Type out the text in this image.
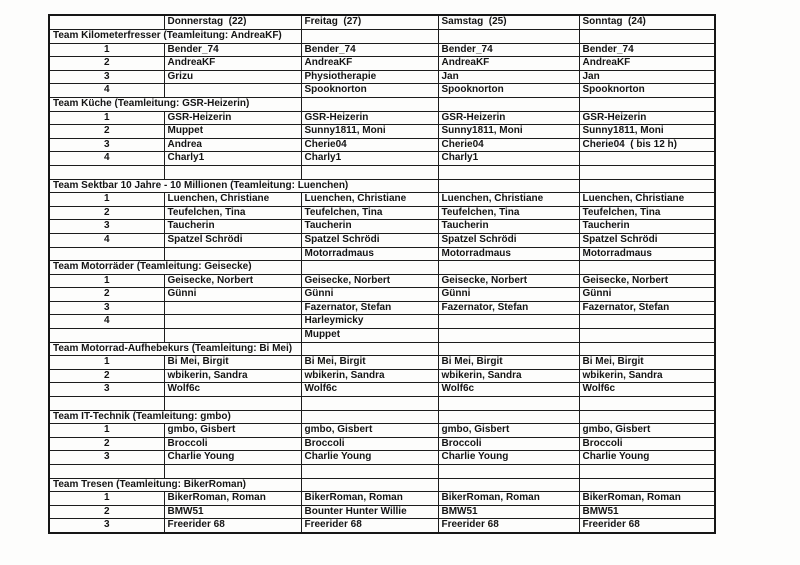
	Donnerstag  (22)	Freitag  (27)	Samstag  (25)	Sonntag  (24)
Team Kilometerfresser (Teamleitung: AndreaKF)				
1	Bender_74	Bender_74	Bender_74	Bender_74
2	AndreaKF	AndreaKF	AndreaKF	AndreaKF
3	Grizu	Physiotherapie	Jan	Jan
4		Spooknorton	Spooknorton	Spooknorton
Team Küche (Teamleitung: GSR-Heizerin)				
1	GSR-Heizerin	GSR-Heizerin	GSR-Heizerin	GSR-Heizerin
2	Muppet	Sunny1811, Moni	Sunny1811, Moni	Sunny1811, Moni
3	Andrea	Cherie04	Cherie04	Cherie04  ( bis 12 h)
4	Charly1	Charly1	Charly1	

Team Sektbar 10 Jahre - 10 Millionen (Teamleitung: Luenchen)				
1	Luenchen, Christiane	Luenchen, Christiane	Luenchen, Christiane	Luenchen, Christiane
2	Teufelchen, Tina	Teufelchen, Tina	Teufelchen, Tina	Teufelchen, Tina
3	Taucherin	Taucherin	Taucherin	Taucherin
4	Spatzel Schrödi	Spatzel Schrödi	Spatzel Schrödi	Spatzel Schrödi
		Motorradmaus	Motorradmaus	Motorradmaus
Team Motorräder (Teamleitung: Geisecke)				
1	Geisecke, Norbert	Geisecke, Norbert	Geisecke, Norbert	Geisecke, Norbert
2	Günni	Günni	Günni	Günni
3		Fazernator, Stefan	Fazernator, Stefan	Fazernator, Stefan
4		Harleymicky		
		Muppet		
Team Motorrad-Aufhebekurs (Teamleitung: Bi Mei)				
1	Bi Mei, Birgit	Bi Mei, Birgit	Bi Mei, Birgit	Bi Mei, Birgit
2	wbikerin, Sandra	wbikerin, Sandra	wbikerin, Sandra	wbikerin, Sandra
3	Wolf6c	Wolf6c	Wolf6c	Wolf6c

Team IT-Technik (Teamleitung: gmbo)				
1	gmbo, Gisbert	gmbo, Gisbert	gmbo, Gisbert	gmbo, Gisbert
2	Broccoli	Broccoli	Broccoli	Broccoli
3	Charlie Young	Charlie Young	Charlie Young	Charlie Young

Team Tresen (Teamleitung: BikerRoman)				
1	BikerRoman, Roman	BikerRoman, Roman	BikerRoman, Roman	BikerRoman, Roman
2	BMW51	Bounter Hunter Willie	BMW51	BMW51
3	Freerider 68	Freerider 68	Freerider 68	Freerider 68
